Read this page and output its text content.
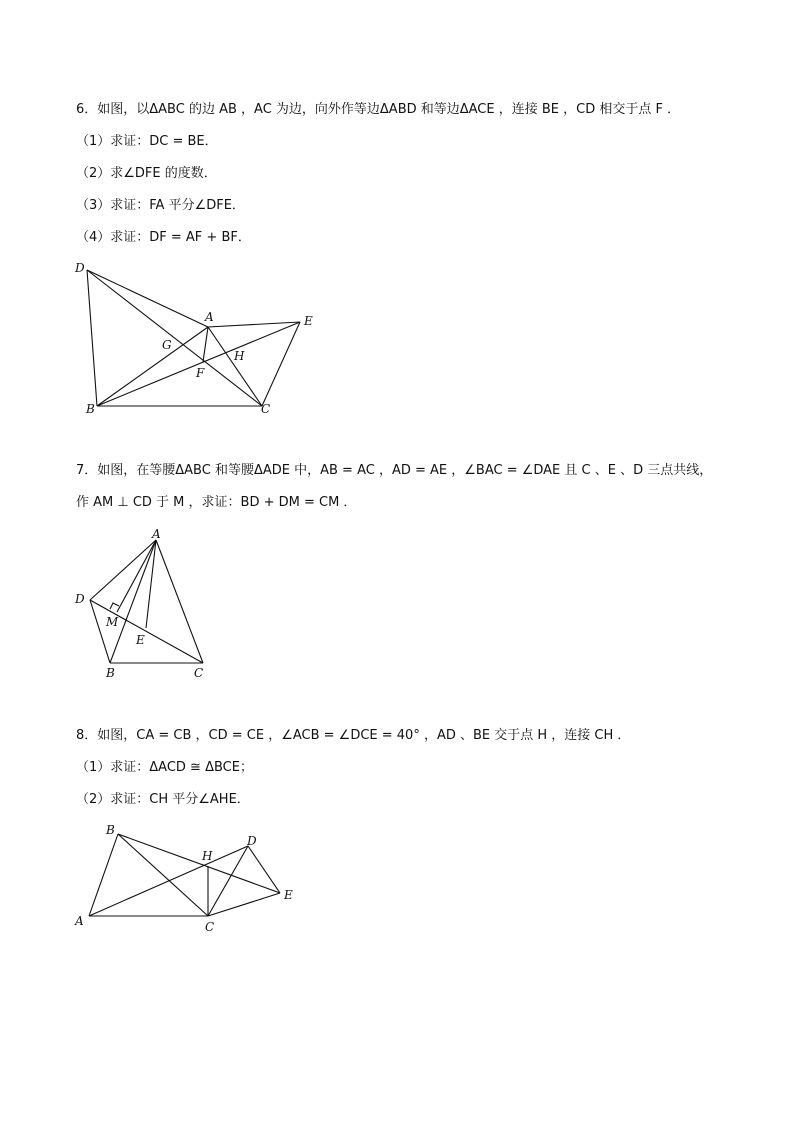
6．如图，以ΔABC 的边 AB ，AC 为边，向外作等边ΔABD 和等边ΔACE ，连接 BE ，CD 相交于点 F ．
（1）求证：DC = BE．
（2）求∠DFE 的度数．
（3）求证：FA 平分∠DFE．
（4）求证：DF = AF + BF．
D
A	E
G
H
F
B	C
7．如图，在等腰ΔABC 和等腰ΔADE 中，AB = AC ，AD = AE ，∠BAC = ∠DAE 且 C 、E 、D 三点共线，
作 AM ⊥ CD 于 M ，求证：BD + DM = CM ．
A
D
M
E
B	C
8．如图，CA = CB ，CD = CE ，∠ACB = ∠DCE = 40° ，AD 、BE 交于点 H ，连接 CH ．
（1）求证：ΔACD ≅ ΔBCE；
（2）求证：CH 平分∠AHE．
B
H
D
E
A	C
